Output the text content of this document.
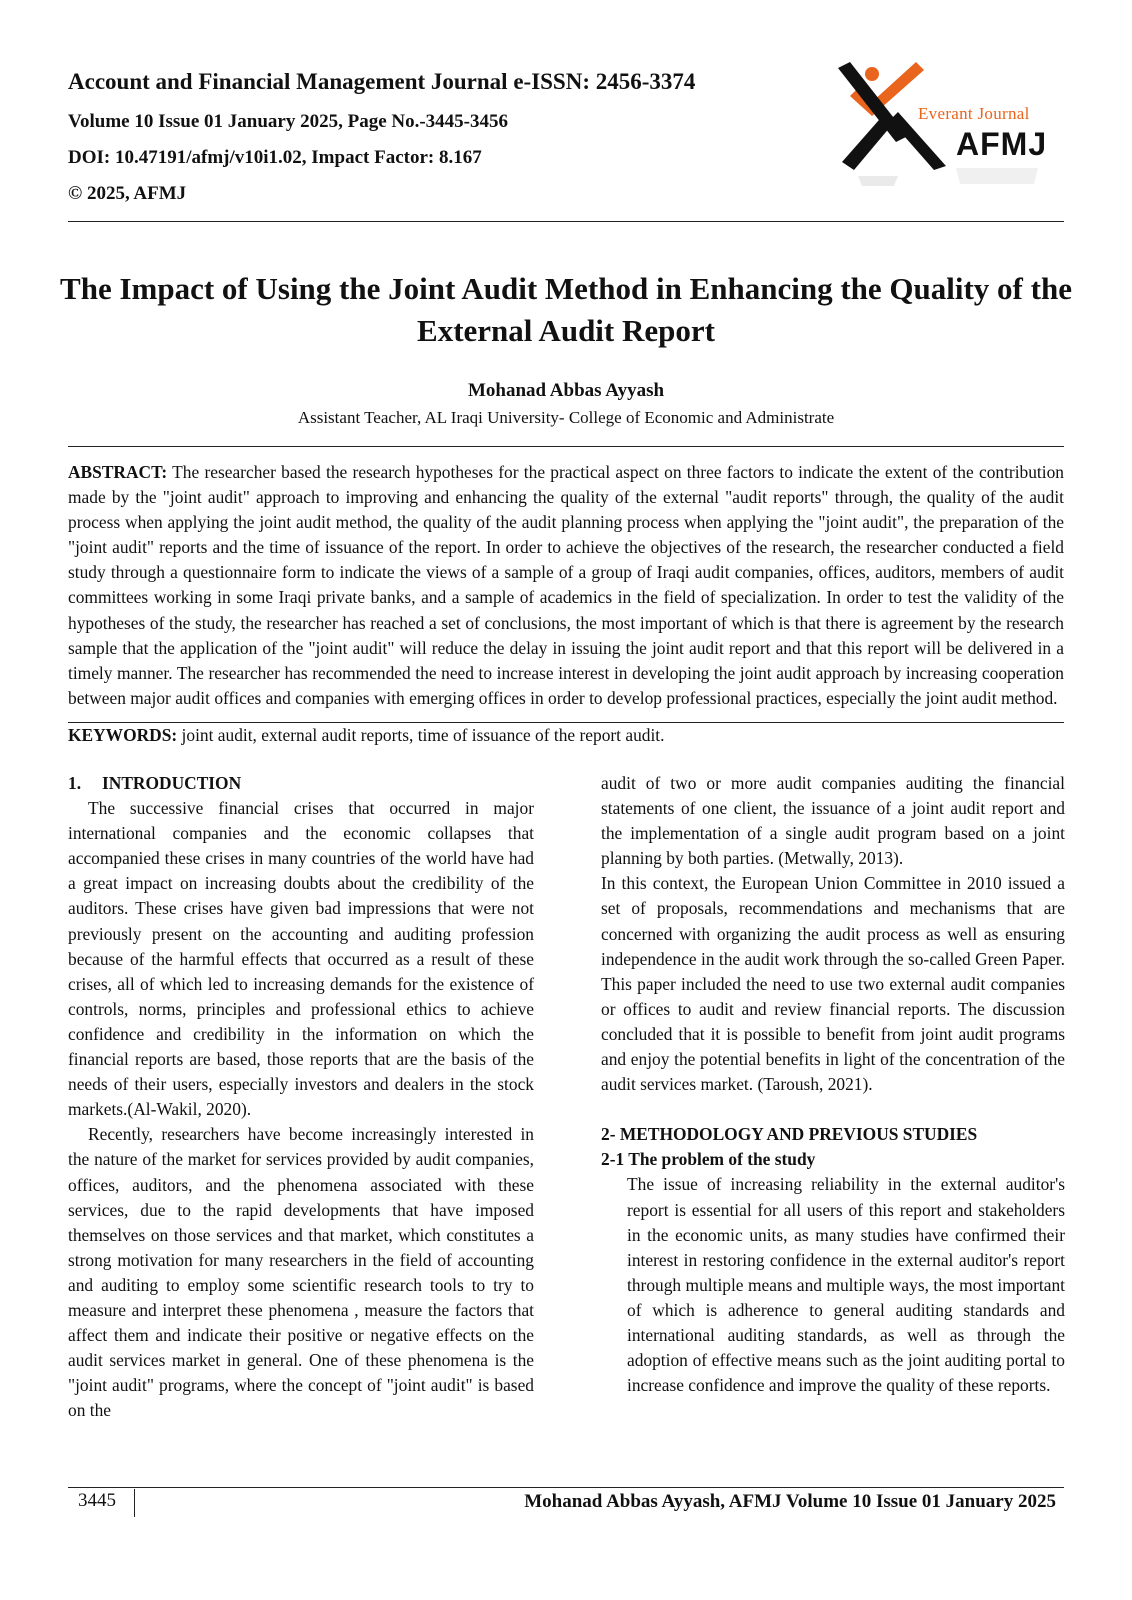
Account and Financial Management Journal e-ISSN: 2456-3374
Volume 10 Issue 01 January 2025, Page No.-3445-3456
DOI: 10.47191/afmj/v10i1.02, Impact Factor: 8.167
© 2025, AFMJ
Everant Journal
AFMJ
The Impact of Using the Joint Audit Method in Enhancing the Quality of the External Audit Report
Mohanad Abbas Ayyash
Assistant Teacher, AL Iraqi University- College of Economic and Administrate
ABSTRACT: The researcher based the research hypotheses for the practical aspect on three factors to indicate the extent of the contribution made by the "joint audit" approach to improving and enhancing the quality of the external "audit reports" through, the quality of the audit process when applying the joint audit method, the quality of the audit planning process when applying the "joint audit", the preparation of the "joint audit" reports and the time of issuance of the report. In order to achieve the objectives of the research, the researcher conducted a field study through a questionnaire form to indicate the views of a sample of a group of Iraqi audit companies, offices, auditors, members of audit committees working in some Iraqi private banks, and a sample of academics in the field of specialization. In order to test the validity of the hypotheses of the study, the researcher has reached a set of conclusions, the most important of which is that there is agreement by the research sample that the application of the "joint audit" will reduce the delay in issuing the joint audit report and that this report will be delivered in a timely manner. The researcher has recommended the need to increase interest in developing the joint audit approach by increasing cooperation between major audit offices and companies with emerging offices in order to develop professional practices, especially the joint audit method.
KEYWORDS: joint audit, external audit reports, time of issuance of the report audit.

1. INTRODUCTION

The successive financial crises that occurred in major international companies and the economic collapses that accompanied these crises in many countries of the world have had a great impact on increasing doubts about the credibility of the auditors. These crises have given bad impressions that were not previously present on the accounting and auditing profession because of the harmful effects that occurred as a result of these crises, all of which led to increasing demands for the existence of controls, norms, principles and professional ethics to achieve confidence and credibility in the information on which the financial reports are based, those reports that are the basis of the needs of their users, especially investors and dealers in the stock markets.(Al-Wakil, 2020).

Recently, researchers have become increasingly interested in the nature of the market for services provided by audit companies, offices, auditors, and the phenomena associated with these services, due to the rapid developments that have imposed themselves on those services and that market, which constitutes a strong motivation for many researchers in the field of accounting and auditing to employ some scientific research tools to try to measure and interpret these phenomena , measure the factors that affect them and indicate their positive or negative effects on the audit services market in general. One of these phenomena is the "joint audit" programs, where the concept of "joint audit" is based on the

audit of two or more audit companies auditing the financial statements of one client, the issuance of a joint audit report and the implementation of a single audit program based on a joint planning by both parties. (Metwally, 2013).

In this context, the European Union Committee in 2010 issued a set of proposals, recommendations and mechanisms that are concerned with organizing the audit process as well as ensuring independence in the audit work through the so-called Green Paper. This paper included the need to use two external audit companies or offices to audit and review financial reports. The discussion concluded that it is possible to benefit from joint audit programs and enjoy the potential benefits in light of the concentration of the audit services market. (Taroush, 2021).

2- METHODOLOGY AND PREVIOUS STUDIES

2-1 The problem of the study

The issue of increasing reliability in the external auditor's report is essential for all users of this report and stakeholders in the economic units, as many studies have confirmed their interest in restoring confidence in the external auditor's report through multiple means and multiple ways, the most important of which is adherence to general auditing standards and international auditing standards, as well as through the adoption of effective means such as the joint auditing portal to increase confidence and improve the quality of these reports.

3445	Mohanad Abbas Ayyash, AFMJ Volume 10 Issue 01 January 2025
